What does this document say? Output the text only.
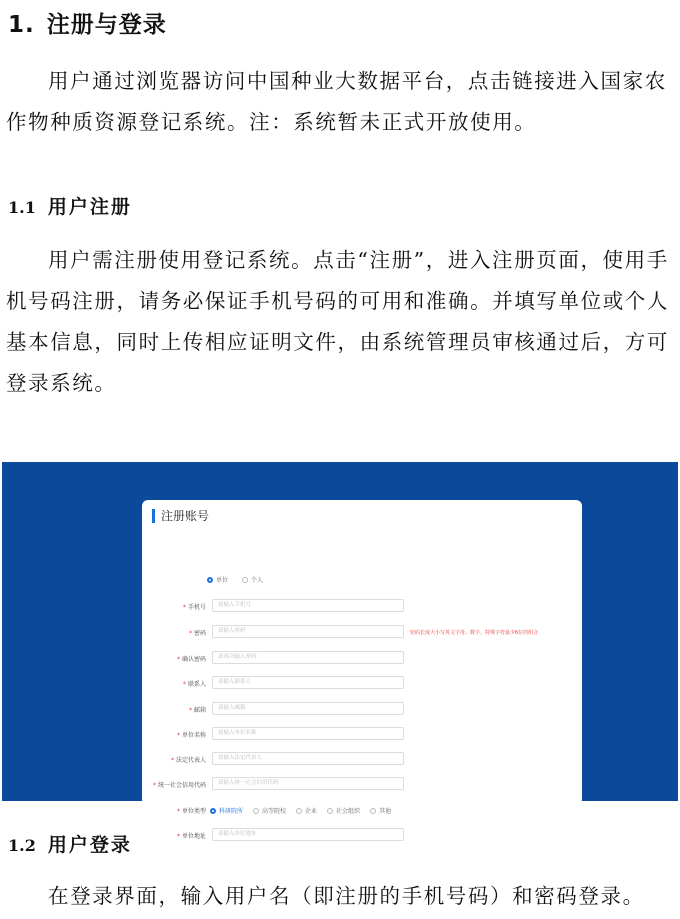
1. 注册与登录

用户通过浏览器访问中国种业大数据平台，点击链接进入国家农作物种质资源登记系统。注：系统暂未正式开放使用。

1.1 用户注册

用户需注册使用登记系统。点击“注册”，进入注册页面，使用手机号码注册，请务必保证手机号码的可用和准确。并填写单位或个人基本信息，同时上传相应证明文件，由系统管理员审核通过后，方可登录系统。

注册账号
单位	个人
* 手机号	请输入手机号
* 密码	请输入密码	密码长度大小写英文字母、数字、特殊字符最少6位的组合
* 确认密码	请再次输入密码
* 联系人	请输入联系人
* 邮箱	请输入邮箱
* 单位名称	请输入单位名称
* 法定代表人	请输入法定代表人
* 统一社会信用代码	请输入统一社会信用代码
* 单位类型 科研院所	高等院校	企业	社会组织	其他
* 单位地址	请输入单位地址
1.2 用户登录

在登录界面，输入用户名（即注册的手机号码）和密码登录。
